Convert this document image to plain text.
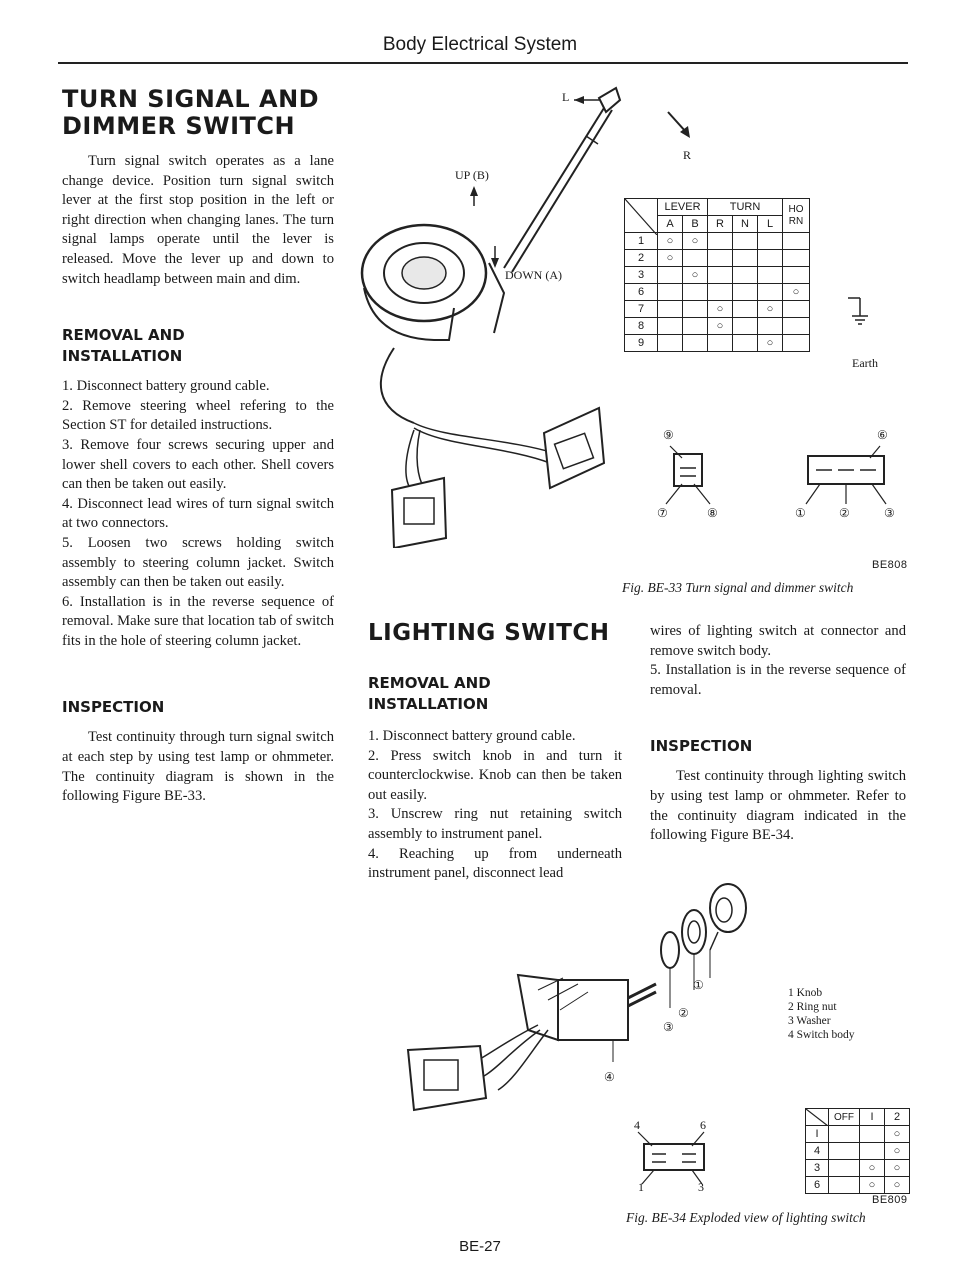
Body Electrical System
TURN SIGNAL AND
DIMMER SWITCH

Turn signal switch operates as a lane change device. Position turn signal switch lever at the first stop position in the left or right direction when changing lanes. The turn signal lamps operate until the lever is released. Move the lever up and down to switch headlamp between main and dim.

REMOVAL AND
INSTALLATION
1. Disconnect battery ground cable.
2. Remove steering wheel refering to the Section ST for detailed instructions.
3. Remove four screws securing upper and lower shell covers to each other. Shell covers can then be taken out easily.
4. Disconnect lead wires of turn signal switch at two connectors.
5. Loosen two screws holding switch assembly to steering column jacket. Switch assembly can then be taken out easily.
6. Installation is in the reverse sequence of removal. Make sure that location tab of switch fits in the hole of steering column jacket.
INSPECTION

Test continuity through turn signal switch at each step by using test lamp or ohmmeter. The continuity diagram is shown in the following Figure BE-33.

L
R
UP (B)
DOWN (A)
	LEVER		TURN			HO RN
	A	B	R	N	L	
1	○	○				
2	○					
3		○				
6						○
7			○		○	
8			○			
9					○	
Earth
⑨
⑦	⑧
⑥
①	②	③
BE808
Fig. BE-33 Turn signal and dimmer switch
LIGHTING SWITCH
REMOVAL AND
INSTALLATION
1. Disconnect battery ground cable.
2. Press switch knob in and turn it counterclockwise. Knob can then be taken out easily.
3. Unscrew ring nut retaining switch assembly to instrument panel.
4. Reaching up from underneath instrument panel, disconnect lead

wires of lighting switch at connector and remove switch body.

5. Installation is in the reverse sequence of removal.

INSPECTION

Test continuity through lighting switch by using test lamp or ohmmeter. Refer to the continuity diagram indicated in the following Figure BE-34.

①
②
③
④
1 Knob
2 Ring nut
3 Washer
4 Switch body
4	6
1	3
	OFF	I	2
I			○
4			○
3		○	○
6		○	○
BE809
Fig. BE-34 Exploded view of lighting switch
BE-27
